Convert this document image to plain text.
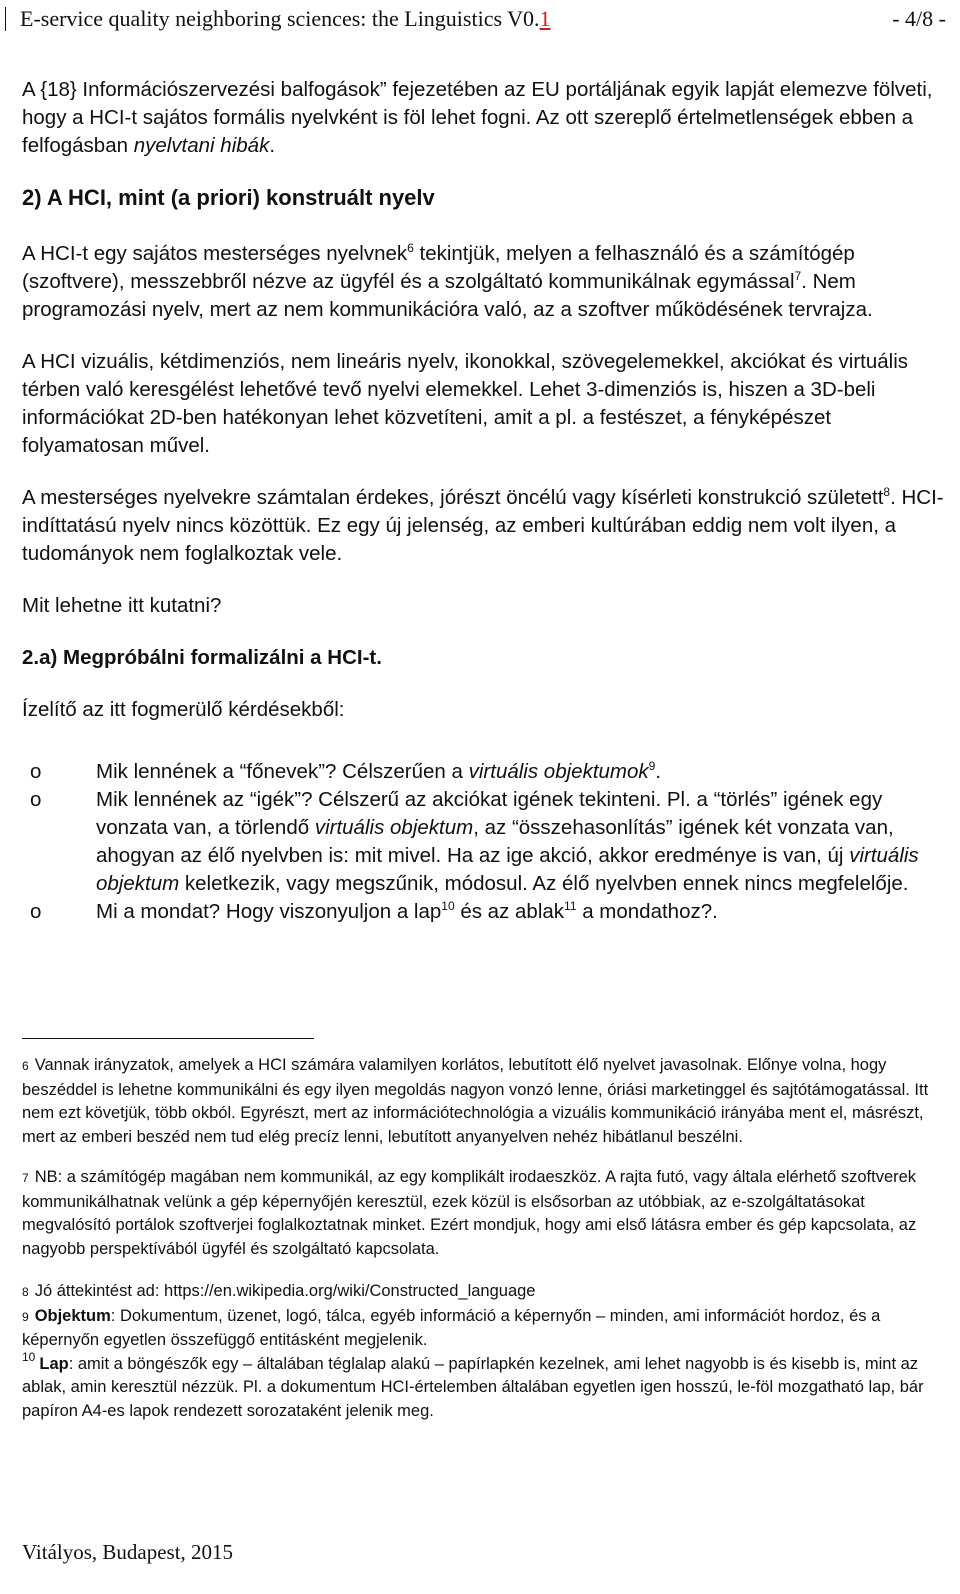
E-service quality neighboring sciences: the Linguistics V0.1	- 4/8 -

A {18} Információszervezési balfogások” fejezetében az EU portáljának egyik lapját elemezve fölveti, hogy a HCI-t sajátos formális nyelvként is föl lehet fogni. Az ott szereplő értelmetlenségek ebben a felfogásban nyelvtani hibák.

2) A HCI, mint (a priori) konstruált nyelv

A HCI-t egy sajátos mesterséges nyelvnek$^6$ tekintjük, melyen a felhasználó és a számítógép (szoftvere), messzebbről nézve az ügyfél és a szolgáltató kommunikálnak egymással$^7$. Nem programozási nyelv, mert az nem kommunikációra való, az a szoftver működésének tervrajza.

A HCI vizuális, kétdimenziós, nem lineáris nyelv, ikonokkal, szövegelemekkel, akciókat és virtuális térben való keresgélést lehetővé tevő nyelvi elemekkel. Lehet 3-dimenziós is, hiszen a 3D-beli információkat 2D-ben hatékonyan lehet közvetíteni, amit a pl. a festészet, a fényképészet folyamatosan művel.

A mesterséges nyelvekre számtalan érdekes, jórészt öncélú vagy kísérleti konstrukció született$^8$. HCI-indíttatású nyelv nincs közöttük. Ez egy új jelenség, az emberi kultúrában eddig nem volt ilyen, a tudományok nem foglalkoztak vele.

Mit lehetne itt kutatni?

2.a) Megpróbálni formalizálni a HCI-t.

Ízelítő az itt fogmerülő kérdésekből:

o	Mik lennének a “főnevek”? Célszerűen a virtuális objektumok$^9$.
o	Mik lennének az “igék”? Célszerű az akciókat igének tekinteni. Pl. a “törlés” igének egy vonzata van, a törlendő virtuális objektum, az “összehasonlítás” igének két vonzata van, ahogyan az élő nyelvben is: mit mivel. Ha az ige akció, akkor eredménye is van, új virtuális objektum keletkezik, vagy megszűnik, módosul. Az élő nyelvben ennek nincs megfelelője.
o	Mi a mondat? Hogy viszonyuljon a lap$^{10}$ és az ablak$^{11}$ a mondathoz?.

6 Vannak irányzatok, amelyek a HCI számára valamilyen korlátos, lebutított élő nyelvet javasolnak. Előnye volna, hogy beszéddel is lehetne kommunikálni és egy ilyen megoldás nagyon vonzó lenne, óriási marketinggel és sajtótámogatással. Itt nem ezt követjük, több okból. Egyrészt, mert az információtechnológia a vizuális kommunikáció irányába ment el, másrészt, mert az emberi beszéd nem tud elég precíz lenni, lebutított anyanyelven nehéz hibátlanul beszélni.

7 NB: a számítógép magában nem kommunikál, az egy komplikált irodaeszköz. A rajta futó, vagy általa elérhető szoftverek kommunikálhatnak velünk a gép képernyőjén keresztül, ezek közül is elsősorban az utóbbiak, az e-szolgáltatásokat megvalósító portálok szoftverjei foglalkoztatnak minket. Ezért mondjuk, hogy ami első látásra ember és gép kapcsolata, az nagyobb perspektívából ügyfél és szolgáltató kapcsolata.

8 Jó áttekintést ad: https://en.wikipedia.org/wiki/Constructed_language

9 Objektum: Dokumentum, üzenet, logó, tálca, egyéb információ a képernyőn – minden, ami információt hordoz, és a képernyőn egyetlen összefüggő entitásként megjelenik.

$^{10}$ Lap: amit a böngészők egy – általában téglalap alakú – papírlapkén kezelnek, ami lehet nagyobb is és kisebb is, mint az ablak, amin keresztül nézzük. Pl. a dokumentum HCI-értelemben általában egyetlen igen hosszú, le-föl mozgatható lap, bár papíron A4-es lapok rendezett sorozataként jelenik meg.

Vitályos, Budapest, 2015
